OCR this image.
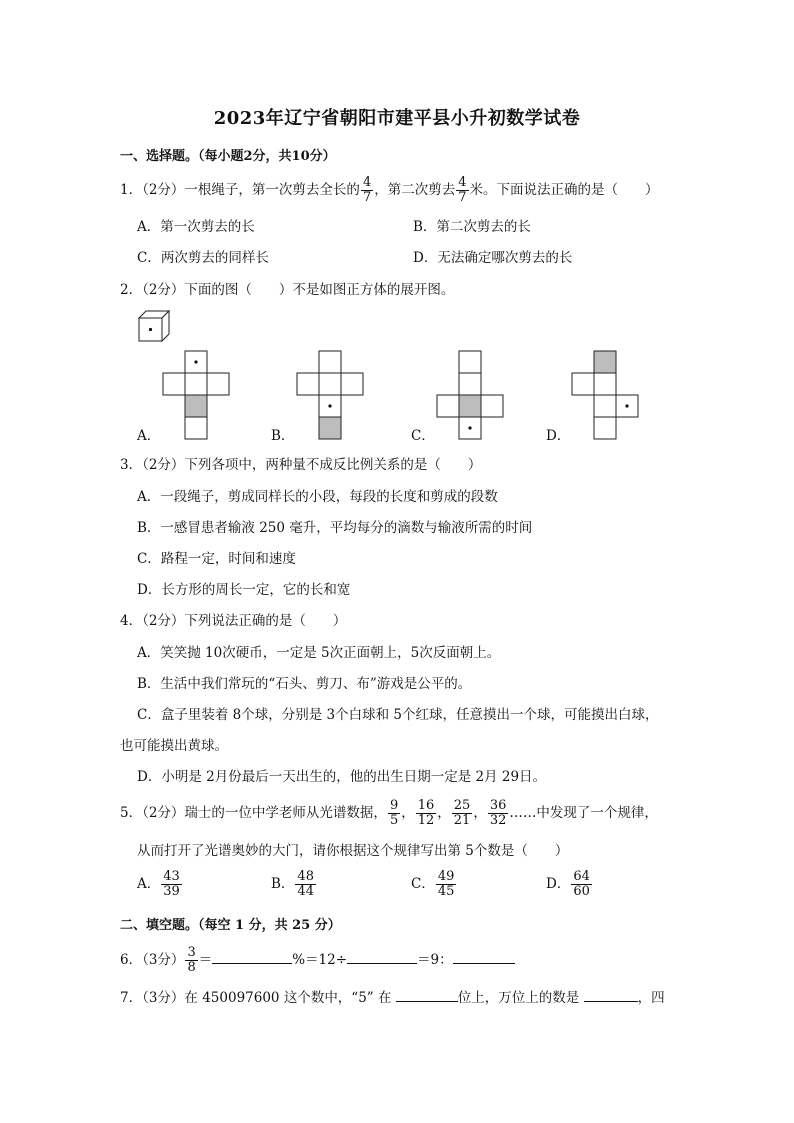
2023年辽宁省朝阳市建平县小升初数学试卷
一、选择题。（每小题2分，共10分）
1．（2分）一根绳子，第一次剪去全长的 $\frac{4}{7}$ ，第二次剪去 $\frac{4}{7}$ 米。下面说法正确的是（　　）
A．第一次剪去的长	B．第二次剪去的长
C．两次剪去的同样长	D．无法确定哪次剪去的长
2．（2分）下面的图（　　）不是如图正方体的展开图。
A．	B．	C．	D．
3．（2分）下列各项中，两种量不成反比例关系的是（　　）
A．一段绳子，剪成同样长的小段，每段的长度和剪成的段数
B．一感冒患者输液 250 毫升，平均每分的滴数与输液所需的时间
C．路程一定，时间和速度
D．长方形的周长一定，它的长和宽
4．（2分）下列说法正确的是（　　）
A．笑笑抛 10次硬币，一定是 5次正面朝上，5次反面朝上。
B．生活中我们常玩的“石头、剪刀、布”游戏是公平的。
C．盒子里装着 8个球，分别是 3个白球和 5个红球，任意摸出一个球，可能摸出白球，
也可能摸出黄球。
D．小明是 2月份最后一天出生的，他的出生日期一定是 2月 29日。
5．（2分）瑞士的一位中学老师从光谱数据， $\frac{9}{5}$ ， $\frac{16}{12}$ ， $\frac{25}{21}$ ， $\frac{36}{32}$ ……中发现了一个规律，
从而打开了光谱奥妙的大门，请你根据这个规律写出第 5个数是（　　）
A． $\frac{43}{39}$	B． $\frac{48}{44}$	C． $\frac{49}{45}$	D． $\frac{64}{60}$
二、填空题。（每空 1 分，共 25 分）
6．（3分） $\frac{3}{8}$ ＝	%＝12÷	＝9：
7．（3分）在 450097600 这个数中，“5” 在	位上，万位上的数是	，四
